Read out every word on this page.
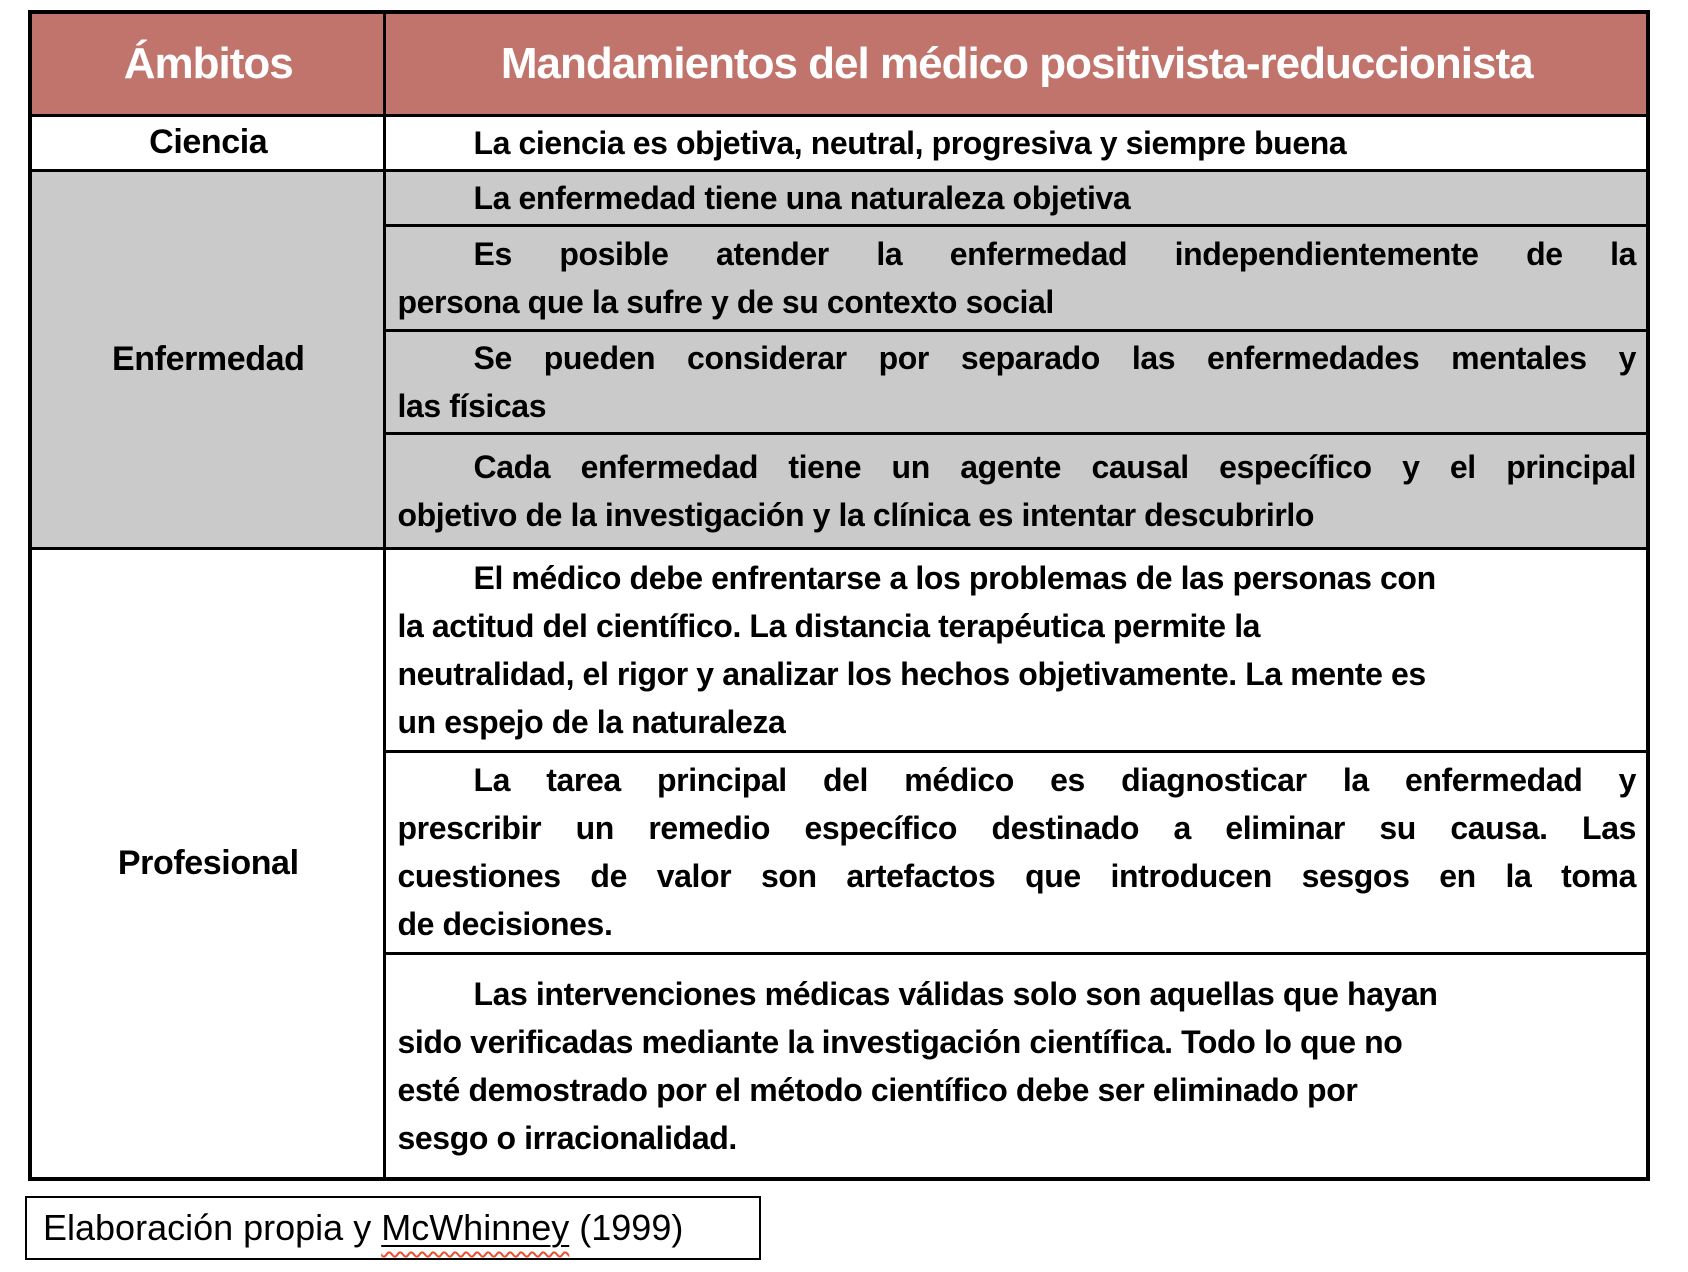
Ámbitos	Mandamientos del médico positivista-reduccionista
Ciencia	La ciencia es objetiva, neutral, progresiva y siempre buena

Enfermedad	La enfermedad tiene una naturaleza objetiva

	Es posible atender la enfermedad independientemente de la
persona que la sufre y de su contexto social

	Se pueden considerar por separado las enfermedades mentales y
las físicas

	Cada enfermedad tiene un agente causal específico y el principal
objetivo de la investigación y la clínica es intentar descubrirlo

Profesional	El médico debe enfrentarse a los problemas de las personas con
la actitud del científico. La distancia terapéutica permite la
neutralidad, el rigor y analizar los hechos objetivamente. La mente es
un espejo de la naturaleza

	La tarea principal del médico es diagnosticar la enfermedad y
prescribir un remedio específico destinado a eliminar su causa. Las
cuestiones de valor son artefactos que introducen sesgos en la toma
de decisiones.

	Las intervenciones médicas válidas solo son aquellas que hayan
sido verificadas mediante la investigación científica. Todo lo que no
esté demostrado por el método científico debe ser eliminado por
sesgo o irracionalidad.
Elaboración propia y McWhinney (1999)
